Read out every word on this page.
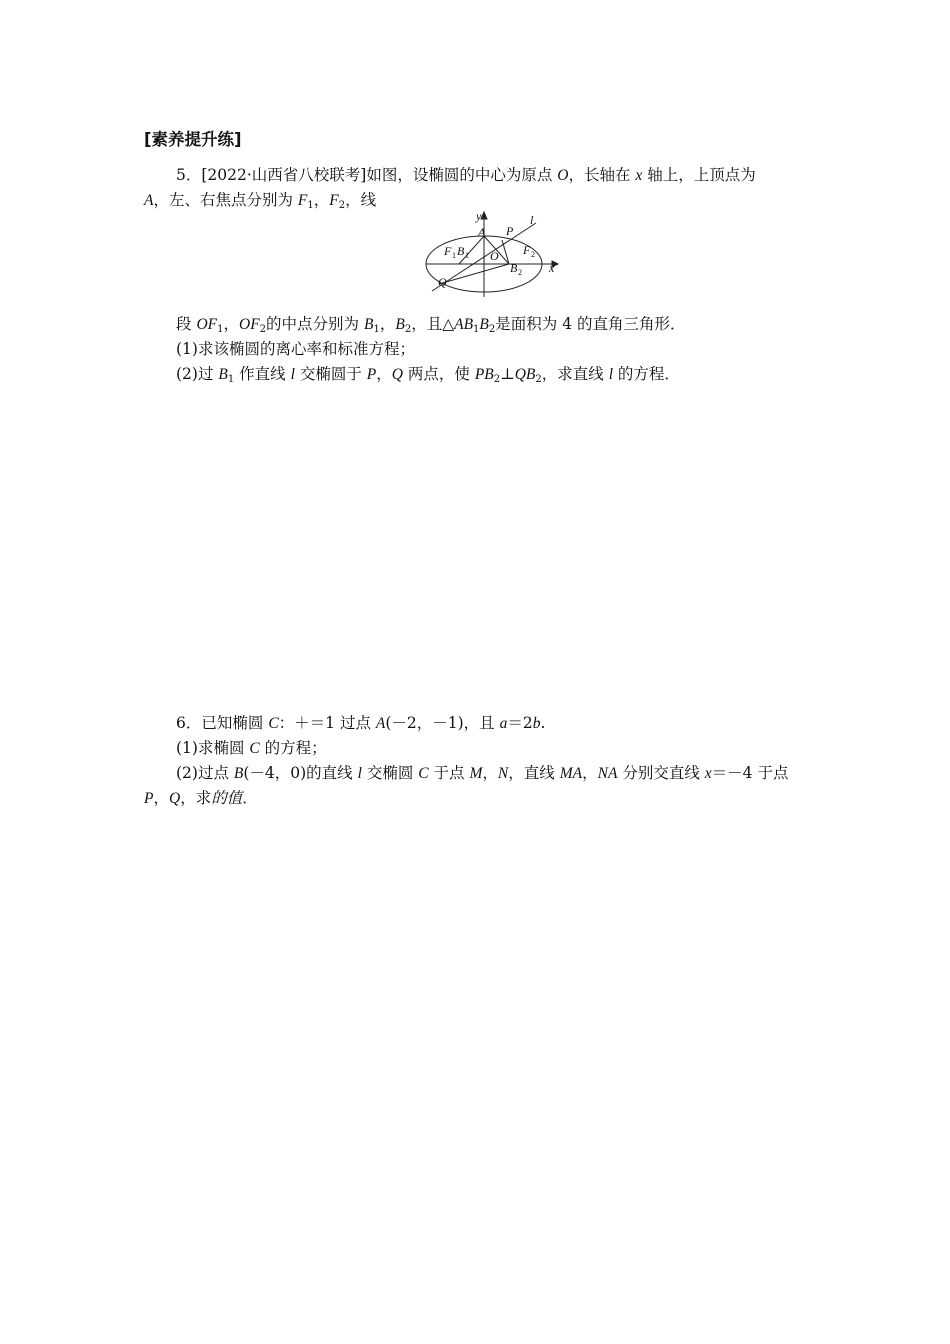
[素养提升练]
5．[2022·山西省八校联考]如图，设椭圆的中心为原点 O，长轴在 x 轴上，上顶点为
A，左、右焦点分别为 $F_1$，$F_2$，线
y	l
A P
F 1 B 1 O F 2
B 2 x
Q
段 $OF_1$，$OF_2$的中点分别为 $B_1$，$B_2$，且$\triangle AB_1B_2$是面积为 4 的直角三角形．
(1)求该椭圆的离心率和标准方程；
(2)过 $B_1$ 作直线 l 交椭圆于 P，Q 两点，使 $PB_2\perp QB_2$，求直线 l 的方程．
6．已知椭圆 C：＋＝1 过点 A(－2，－1)，且 a＝2b.
(1)求椭圆 C 的方程；
(2)过点 B(－4，0)的直线 l 交椭圆 C 于点 M，N，直线 MA，NA 分别交直线 x＝－4 于点
P，Q，求的值．
